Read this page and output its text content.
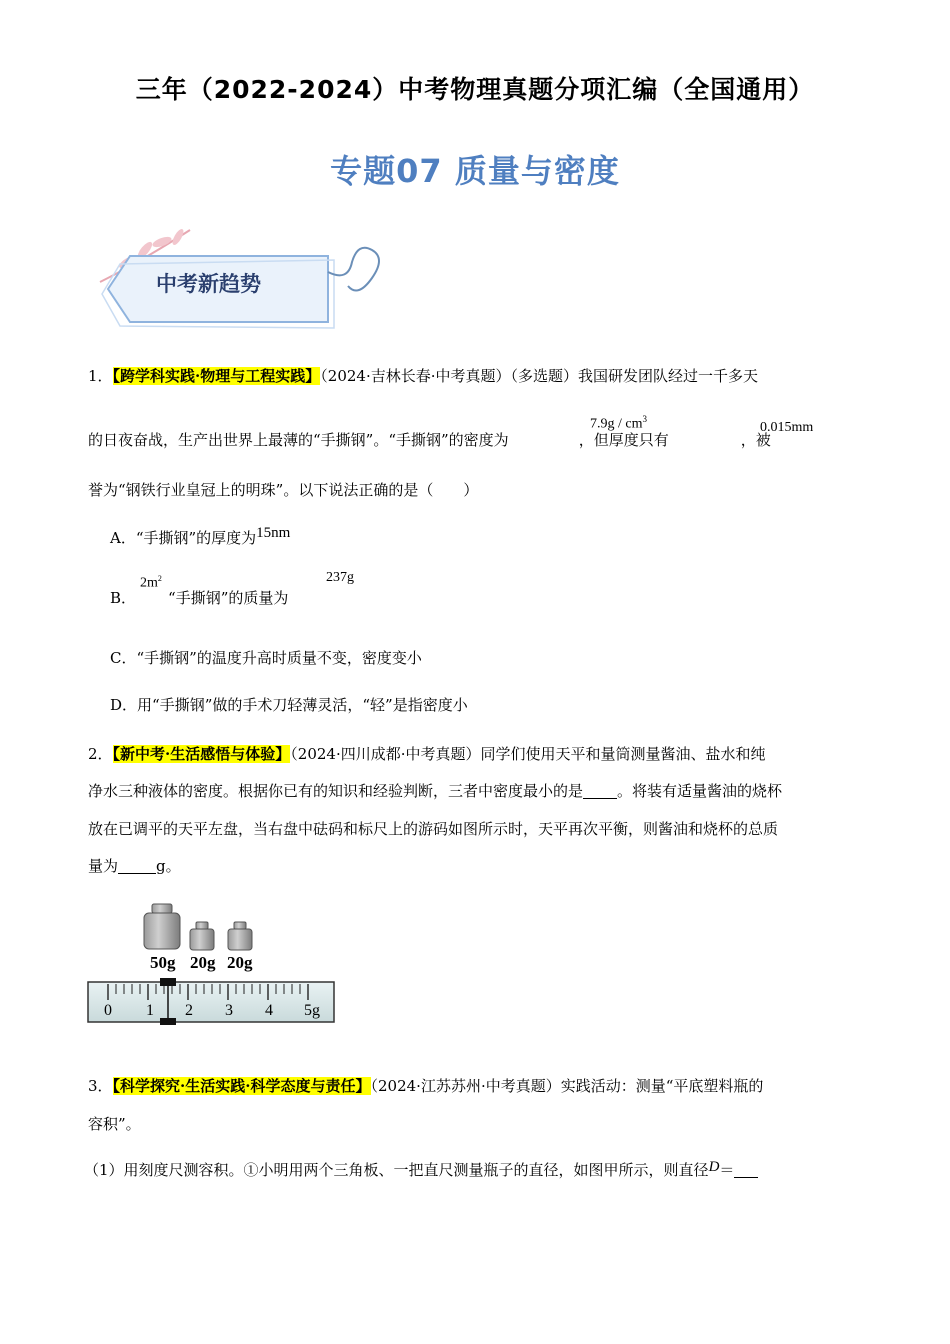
三年（2022-2024）中考物理真题分项汇编（全国通用）
专题07 质量与密度
中考新趋势
1．【跨学科实践·物理与工程实践】（2024·吉林长春·中考真题）（多选题）我国研发团队经过一千多天
$7.9g / cm^3$
0.015mm
的日夜奋战，生产出世界上最薄的“手撕钢”。“手撕钢”的密度为	，但厚度只有	，被
誉为“钢铁行业皇冠上的明珠”。以下说法正确的是（　　）
A．“手撕钢”的厚度为15nm
$2m^2$	237g
B． “手撕钢”的质量为
C．“手撕钢”的温度升高时质量不变，密度变小
D．用“手撕钢”做的手术刀轻薄灵活，“轻”是指密度小
2．【新中考·生活感悟与体验】（2024·四川成都·中考真题）同学们使用天平和量筒测量酱油、盐水和纯
净水三种液体的密度。根据你已有的知识和经验判断，三者中密度最小的是 。将装有适量酱油的烧杯
放在已调平的天平左盘，当右盘中砝码和标尺上的游码如图所示时，天平再次平衡，则酱油和烧杯的总质
量为	g。
50g 20g 20g
0 1 2 3 4 5g
3．【科学探究·生活实践·科学态度与责任】（2024·江苏苏州·中考真题）实践活动：测量“平底塑料瓶的
容积”。
（1）用刻度尺测容积。①小明用两个三角板、一把直尺测量瓶子的直径，如图甲所示，则直径D＝
